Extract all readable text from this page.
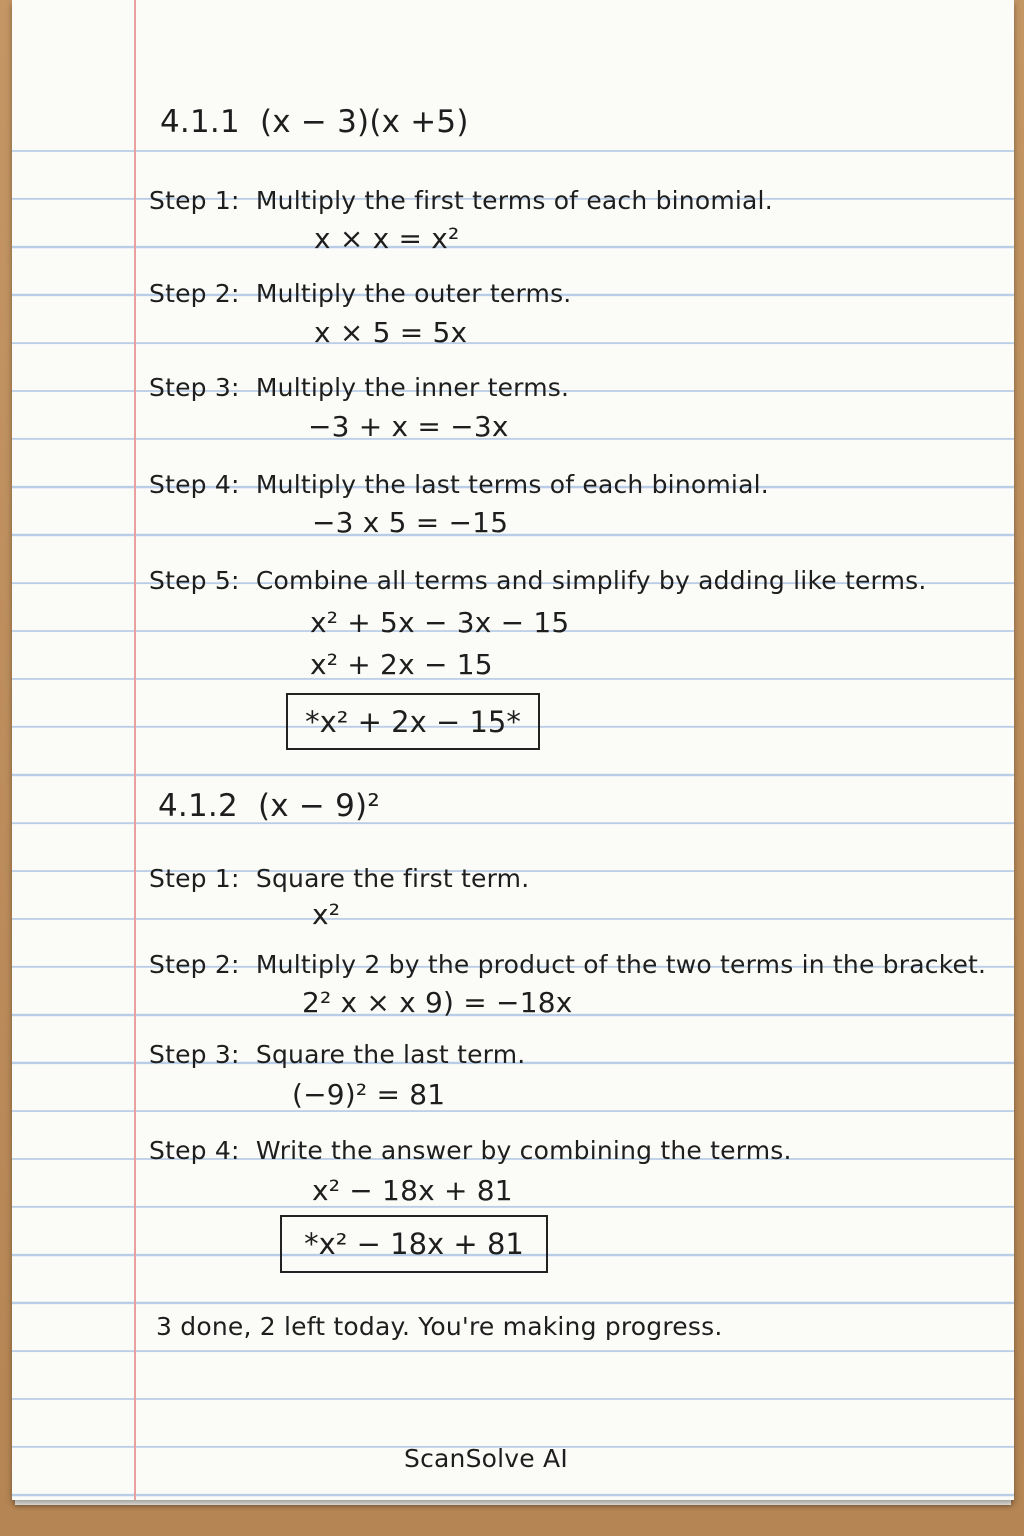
4.1.1 (x − 3)(x +5)
Step 1: Multiply the first terms of each binomial.
x × x = x²
Step 2: Multiply the outer terms.
x × 5 = 5x
Step 3: Multiply the inner terms.
−3 + x = −3x
Step 4: Multiply the last terms of each binomial.
−3 x 5 = −15
Step 5: Combine all terms and simplify by adding like terms.
x² + 5x − 3x − 15
x² + 2x − 15
*x² + 2x − 15*
4.1.2 (x − 9)²
Step 1: Square the first term.
x²
Step 2: Multiply 2 by the product of the two terms in the bracket.
2² x × x 9) = −18x
Step 3: Square the last term.
(−9)² = 81
Step 4: Write the answer by combining the terms.
x² − 18x + 81
*x² − 18x + 81
3 done, 2 left today. You're making progress.
ScanSolve AI
